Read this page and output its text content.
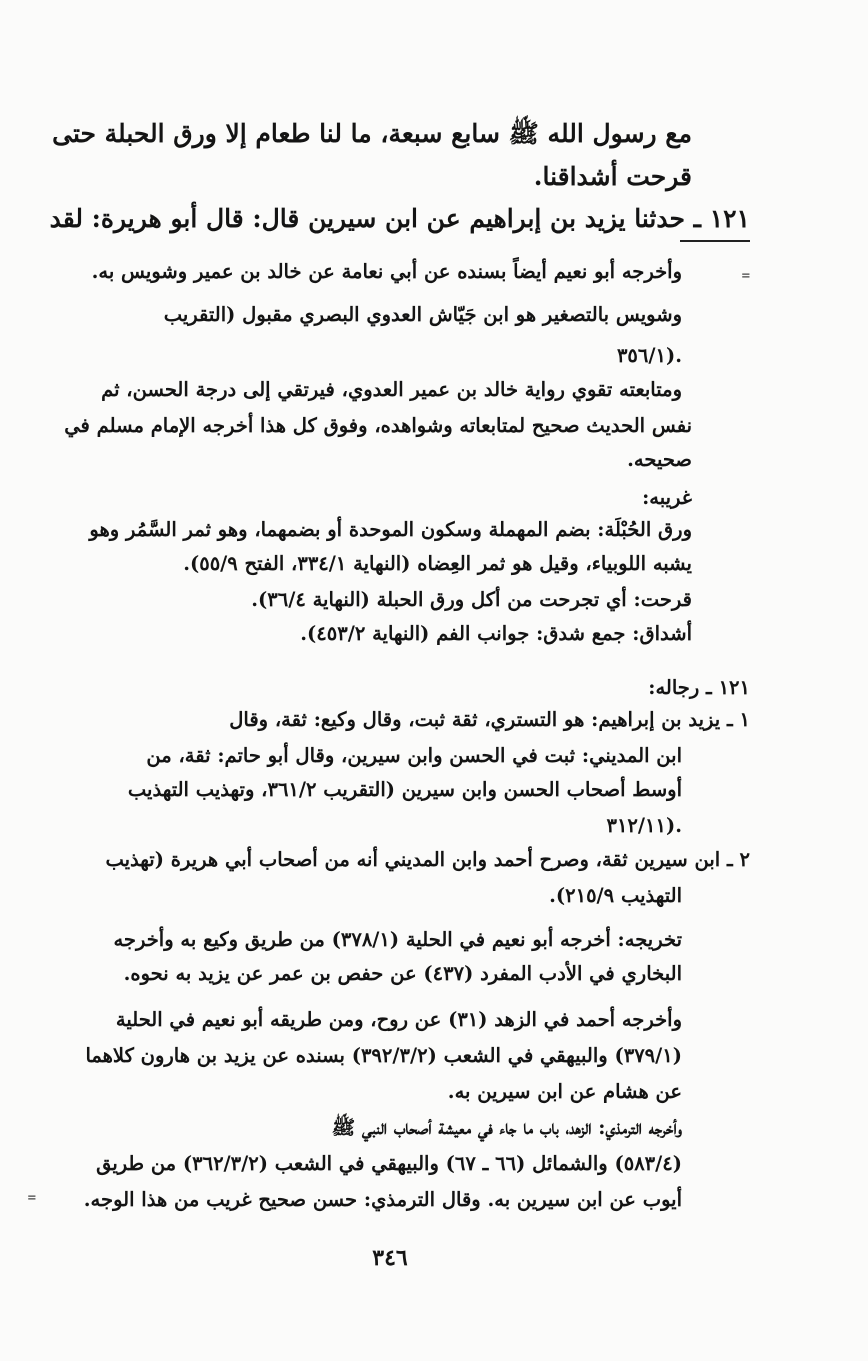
مع رسول الله ﷺ سابع سبعة، ما لنا طعام إلا ورق الحبلة حتى
قرحت أشداقنا.
١٢١ ـ حدثنا يزيد بن إبراهيم عن ابن سيرين قال: قال أبو هريرة: لقد
=
وأخرجه أبو نعيم أيضاً بسنده عن أبي نعامة عن خالد بن عمير وشويس به.
وشويس بالتصغير هو ابن جَيّاش العدوي البصري مقبول (التقريب
٣٥٦/١).
ومتابعته تقوي رواية خالد بن عمير العدوي، فيرتقي إلى درجة الحسن، ثم
نفس الحديث صحيح لمتابعاته وشواهده، وفوق كل هذا أخرجه الإمام مسلم في
صحيحه.
غريبه:
ورق الحُبْلَة: بضم المهملة وسكون الموحدة أو بضمهما، وهو ثمر السَّمُر وهو
يشبه اللوبياء، وقيل هو ثمر العِضاه (النهاية ٣٣٤/١، الفتح ٥٥/٩).
قرحت: أي تجرحت من أكل ورق الحبلة (النهاية ٣٦/٤).
أشداق: جمع شدق: جوانب الفم (النهاية ٤٥٣/٢).
١٢١ ـ رجاله:
١ ـ يزيد بن إبراهيم: هو التستري، ثقة ثبت، وقال وكيع: ثقة، وقال
ابن المديني: ثبت في الحسن وابن سيرين، وقال أبو حاتم: ثقة، من
أوسط أصحاب الحسن وابن سيرين (التقريب ٣٦١/٢، وتهذيب التهذيب
٣١٢/١١).
٢ ـ ابن سيرين ثقة، وصرح أحمد وابن المديني أنه من أصحاب أبي هريرة (تهذيب
التهذيب ٢١٥/٩).
تخريجه: أخرجه أبو نعيم في الحلية (٣٧٨/١) من طريق وكيع به وأخرجه
البخاري في الأدب المفرد (٤٣٧) عن حفص بن عمر عن يزيد به نحوه.
وأخرجه أحمد في الزهد (٣١) عن روح، ومن طريقه أبو نعيم في الحلية
(٣٧٩/١) والبيهقي في الشعب (٣٩٢/٣/٢) بسنده عن يزيد بن هارون كلاهما
عن هشام عن ابن سيرين به.
وأخرجه الترمذي: الزهد، باب ما جاء في معيشة أصحاب النبي ﷺ
(٥٨٣/٤) والشمائل (٦٦ ـ ٦٧) والبيهقي في الشعب (٣٦٢/٣/٢) من طريق
أيوب عن ابن سيرين به. وقال الترمذي: حسن صحيح غريب من هذا الوجه.
=
٣٤٦
